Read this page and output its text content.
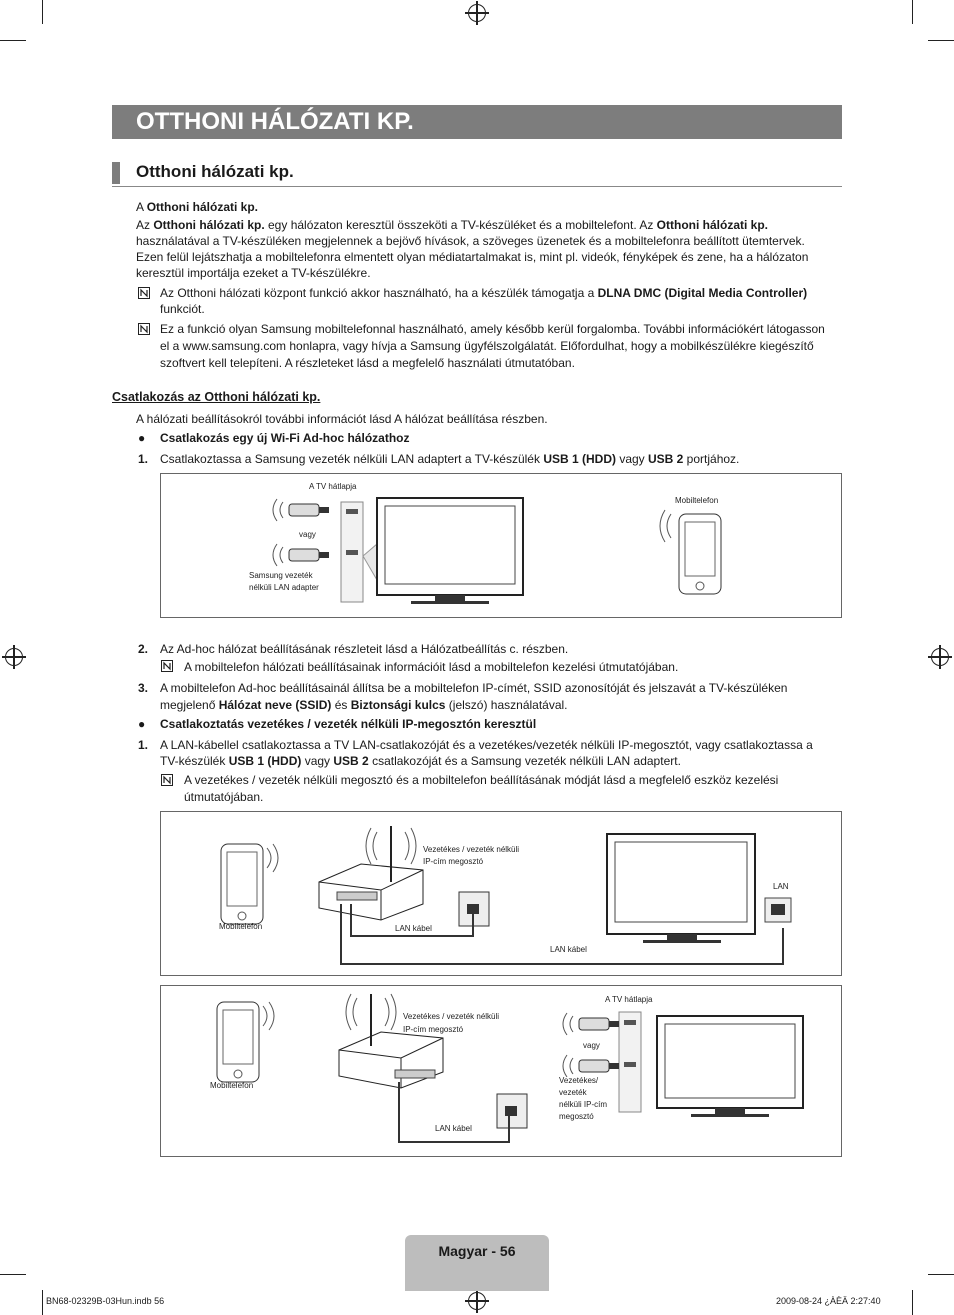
OTTHONI HÁLÓZATI KP.
Otthoni hálózati kp.
A Otthoni hálózati kp.
Az Otthoni hálózati kp. egy hálózaton keresztül összeköti a TV-készüléket és a mobiltelefont. Az Otthoni hálózati kp.
használatával a TV-készüléken megjelennek a bejövő hívások, a szöveges üzenetek és a mobiltelefonra beállított ütemtervek.
Ezen felül lejátszhatja a mobiltelefonra elmentett olyan médiatartalmakat is, mint pl. videók, fényképek és zene, ha a hálózaton
keresztül importálja ezeket a TV-készülékre.
Az Otthoni hálózati központ funkció akkor használható, ha a készülék támogatja a DLNA DMC (Digital Media Controller)
funkciót.
Ez a funkció olyan Samsung mobiltelefonnal használható, amely később kerül forgalomba. További információkért látogasson
el a www.samsung.com honlapra, vagy hívja a Samsung ügyfélszolgálatát. Előfordulhat, hogy a mobilkészülékre kiegészítő
szoftvert kell telepíteni. A részleteket lásd a megfelelő használati útmutatóban.
Csatlakozás az Otthoni hálózati kp.
A hálózati beállításokról további információt lásd A hálózat beállítása részben.
● Csatlakozás egy új Wi-Fi Ad-hoc hálózathoz
1. Csatlakoztassa a Samsung vezeték nélküli LAN adaptert a TV-készülék USB 1 (HDD) vagy USB 2 portjához.
A TV hátlapja
vagy
Samsung vezeték
nélküli LAN adapter
Mobiltelefon
2. Az Ad-hoc hálózat beállításának részleteit lásd a Hálózatbeállítás c. részben.
A mobiltelefon hálózati beállításainak információit lásd a mobiltelefon kezelési útmutatójában.
3. A mobiltelefon Ad-hoc beállításainál állítsa be a mobiltelefon IP-címét, SSID azonosítóját és jelszavát a TV-készüléken
megjelenő Hálózat neve (SSID) és Biztonsági kulcs (jelszó) használatával.
● Csatlakoztatás vezetékes / vezeték nélküli IP-megosztón keresztül
1. A LAN-kábellel csatlakoztassa a TV LAN-csatlakozóját és a vezetékes/vezeték nélküli IP-megosztót, vagy csatlakoztassa a
TV-készülék USB 1 (HDD) vagy USB 2 csatlakozóját és a Samsung vezeték nélküli LAN adaptert.
A vezetékes / vezeték nélküli megosztó és a mobiltelefon beállításának módját lásd a megfelelő eszköz kezelési
útmutatójában.
Vezetékes / vezeték nélküli
IP-cím megosztó
Mobiltelefon	LAN kábel
LAN kábel
LAN
Vezetékes / vezeték nélküli
IP-cím megosztó
Mobiltelefon
LAN kábel
A TV hátlapja
vagy
Vezetékes/
vezeték
nélküli IP-cím
megosztó
Magyar - 56
BN68-02329B-03Hun.indb 56	2009-08-24 ¿ÀÈÄ 2:27:40
